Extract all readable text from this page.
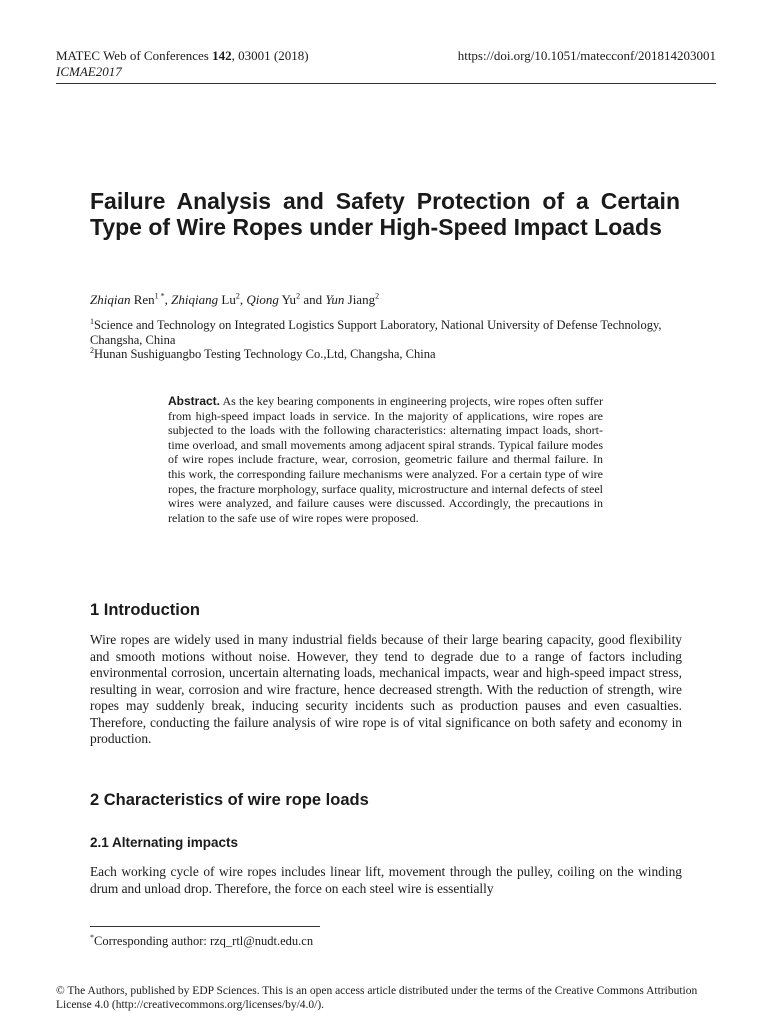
MATEC Web of Conferences 142, 03001 (2018)	https://doi.org/10.1051/matecconf/201814203001
ICMAE2017
Failure Analysis and Safety Protection of a Certain Type of Wire Ropes under High-Speed Impact Loads
Zhiqian Ren$^{1 *}$, Zhiqiang Lu$^2$, Qiong Yu$^2$ and Yun Jiang$^2$

$^1$Science and Technology on Integrated Logistics Support Laboratory, National University of Defense Technology, Changsha, China

$^2$Hunan Sushiguangbo Testing Technology Co.,Ltd, Changsha, China

Abstract. As the key bearing components in engineering projects, wire ropes often suffer from high-speed impact loads in service. In the majority of applications, wire ropes are subjected to the loads with the following characteristics: alternating impact loads, short-time overload, and small movements among adjacent spiral strands. Typical failure modes of wire ropes include fracture, wear, corrosion, geometric failure and thermal failure. In this work, the corresponding failure mechanisms were analyzed. For a certain type of wire ropes, the fracture morphology, surface quality, microstructure and internal defects of steel wires were analyzed, and failure causes were discussed. Accordingly, the precautions in relation to the safe use of wire ropes were proposed.

1 Introduction

Wire ropes are widely used in many industrial fields because of their large bearing capacity, good flexibility and smooth motions without noise. However, they tend to degrade due to a range of factors including environmental corrosion, uncertain alternating loads, mechanical impacts, wear and high-speed impact stress, resulting in wear, corrosion and wire fracture, hence decreased strength. With the reduction of strength, wire ropes may suddenly break, inducing security incidents such as production pauses and even casualties. Therefore, conducting the failure analysis of wire rope is of vital significance on both safety and economy in production.

2 Characteristics of wire rope loads
2.1 Alternating impacts

Each working cycle of wire ropes includes linear lift, movement through the pulley, coiling on the winding drum and unload drop. Therefore, the force on each steel wire is essentially

*Corresponding author: rzq_rtl@nudt.edu.cn

© The Authors, published by EDP Sciences. This is an open access article distributed under the terms of the Creative Commons Attribution License 4.0 (http://creativecommons.org/licenses/by/4.0/).
